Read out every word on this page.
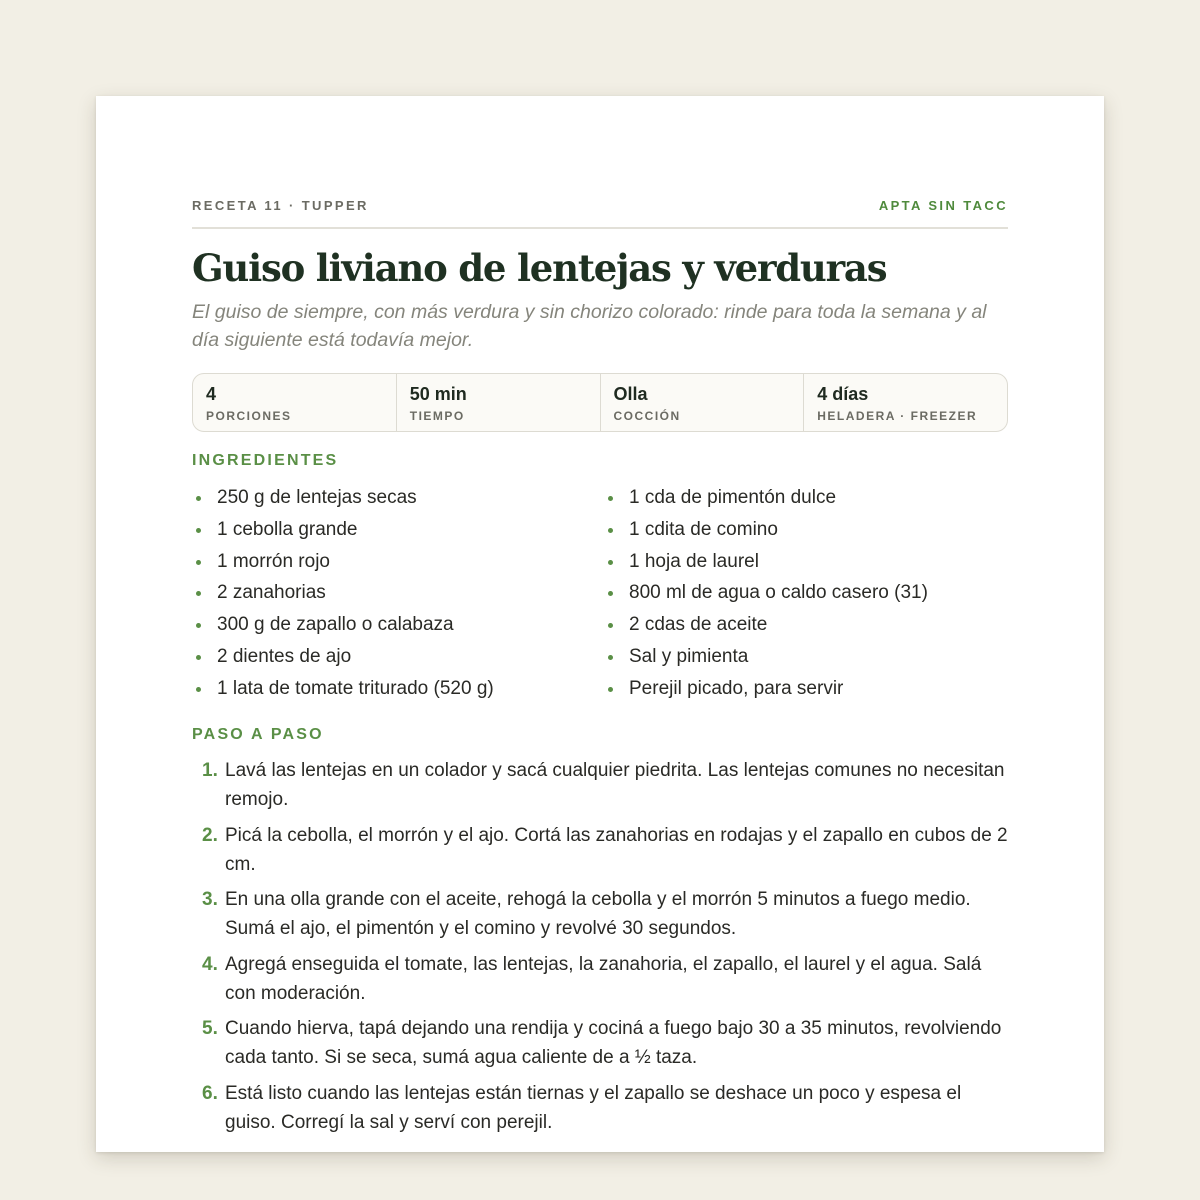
RECETA 11 · TUPPER	APTA SIN TACC
Guiso liviano de lentejas y verduras

El guiso de siempre, con más verdura y sin chorizo colorado: rinde para toda la semana y al día siguiente está todavía mejor.

4
PORCIONES
50 min
TIEMPO
Olla
COCCIÓN
4 días
HELADERA · FREEZER
INGREDIENTES
250 g de lentejas secas
1 cebolla grande
1 morrón rojo
2 zanahorias
300 g de zapallo o calabaza
2 dientes de ajo
1 lata de tomate triturado (520 g)
1 cda de pimentón dulce
1 cdita de comino
1 hoja de laurel
800 ml de agua o caldo casero (31)
2 cdas de aceite
Sal y pimienta
Perejil picado, para servir
PASO A PASO
1. Lavá las lentejas en un colador y sacá cualquier piedrita. Las lentejas comunes no necesitan remojo.
2. Picá la cebolla, el morrón y el ajo. Cortá las zanahorias en rodajas y el zapallo en cubos de 2 cm.
3. En una olla grande con el aceite, rehogá la cebolla y el morrón 5 minutos a fuego medio. Sumá el ajo, el pimentón y el comino y revolvé 30 segundos.
4. Agregá enseguida el tomate, las lentejas, la zanahoria, el zapallo, el laurel y el agua. Salá con moderación.
5. Cuando hierva, tapá dejando una rendija y cociná a fuego bajo 30 a 35 minutos, revolviendo cada tanto. Si se seca, sumá agua caliente de a ½ taza.
6. Está listo cuando las lentejas están tiernas y el zapallo se deshace un poco y espesa el guiso. Corregí la sal y serví con perejil.
